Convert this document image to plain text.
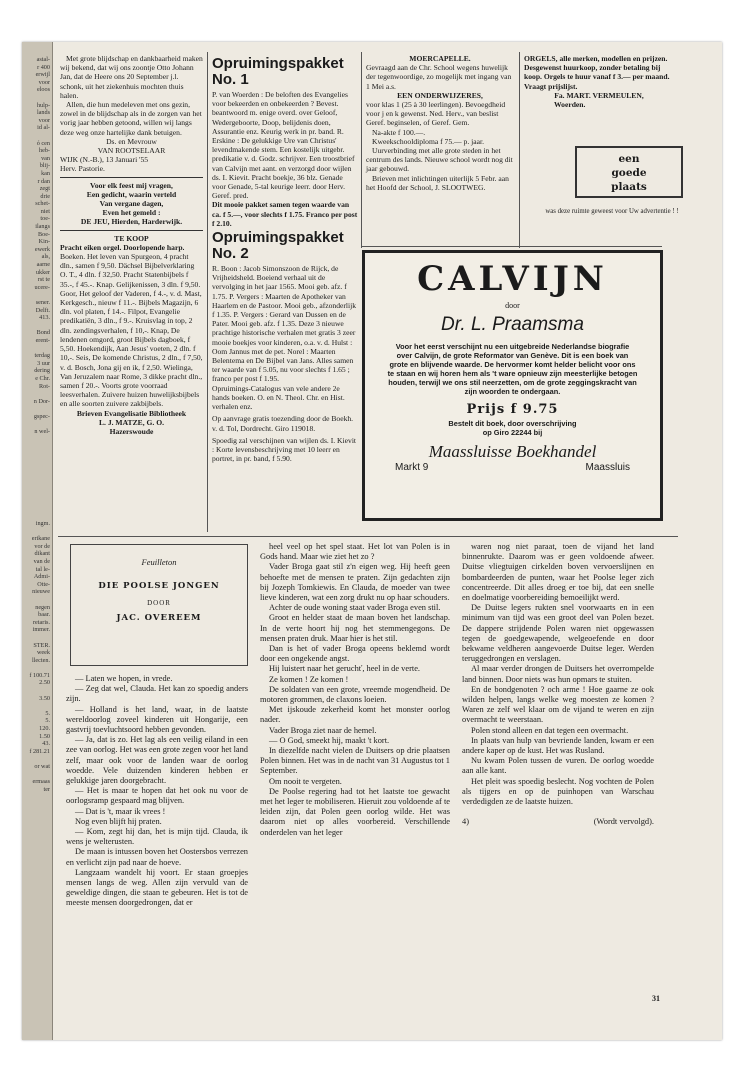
astal-
r 400
erwijl
voor
eloos

hulp-
lands
voor
id al-

ó cen
heb-
van
blij-
kan
r dan
zegt
drie
schet-
niet
toe-
ilangs
Boe-
Kin-
ewerk
als,
aarne
ukker
rst te
ucere-

sener.
Delft.
413.

Bond
erent-

terdag
3 uur
dering
e Chr.
Rot-

n Dor-

gspec-

n wel-
ingm.

erikane
vor de
dikant
van de
tal le-
Admi-
Otte-
nieuwe

negen
baar.
retaris.
immer.

STER.
week
llecten.

f 100.71
2.50

3.50

5.
5.
120.
1.50
43.
f 281.21

or wat

ermaas
ter

Met grote blijdschap en dankbaarheid maken wij bekend, dat wij ons zoontje Otto Johann Jan, dat de Heere ons 20 September j.l. schonk, uit het ziekenhuis mochten thuis halen.

Allen, die hun medeleven met ons gezin, zowel in de blijdschap als in de zorgen van het vorig jaar hebben getoond, willen wij langs deze weg onze hartelijke dank betuigen.

Ds. en Mevrouw

VAN ROOTSELAAR

WIJK (N.-B.), 13 Januari '55

Herv. Pastorie.

Voor elk feest mij vragen,

Een gedicht, waarin verteld

Van vergane dagen,

Even het gemeld :

DE JEU, Hierden, Harderwijk.

TE KOOP

Pracht eiken orgel. Doorlopende harp.

Boeken. Het leven van Spurgeon, 4 pracht dln., samen f 9,50. Dächsel Bijbelverklaring O. T., 4 dln. f 32,50. Pracht Statenbijbels f 35.-, f 45.-. Knap. Gelijkenissen, 3 dln. f 9,50. Goor, Het geloof der Vaderen, f 4.-, v. d. Mast, Kerkgesch., nieuw f 11.-. Bijbels Magazijn, 6 dln. vol platen, f 14.-. Filpot, Evangelie predikatiën, 3 dln., f 9.-. Kruisvlag in top, 2 dln. zendingsverhalen, f 10,-. Knap, De lendenen omgord, groot Bijbels dagboek, f 5,50. Hoekendijk, Aan Jesus' voeten, 2 dln. f 10,-. Seis, De komende Christus, 2 dln., f 7,50, v. d. Bosch, Jona gij en ik, f 2,50. Wielinga, Van Jeruzalem naar Rome, 3 dikke pracht dln., samen f 20.-. Voorts grote voorraad leesverhalen. Zuivere huizen huwelijksbijbels en alle soorten zuivere zakbijbels.

Brieven Evangelisatie Bibliotheek

L. J. MATZE, G. O.

Hazerswoude

Opruimingspakket No. 1

P. van Woerden : De beloften des Evangelies voor bekeerden en onbekeerden ? Bevest. beantwoord m. enige overd. over Geloof, Wedergeboorte, Doop, belijdenis doen, Assurantie enz. Keurig werk in pr. band. R. Erskine : De gelukkige Ure van Christus' levendmakende stem. Een kostelijk uitgebr. predikatie v. d. Godz. schrijver. Een troostbrief van Calvijn met aant. en verzorgd door wijlen ds. I. Kievit. Pracht boekje, 36 blz. Genade voor Genade, 5-tal keurige leerr. door Herv. Geref. pred.

Dit mooie pakket samen tegen waarde van ca. f 5.—, voor slechts f 1.75. Franco per post f 2.10.

Opruimingspakket No. 2

R. Boon : Jacob Simonszoon de Rijck, de Vrijheidsheld. Boeiend verhaal uit de vervolging in het jaar 1565. Mooi geb. afz. f 1.75. P. Vergers : Maarten de Apotheker van Haarlem en de Pastoor. Mooi geb., afzonderlijk f 1.35. P. Vergers : Gerard van Dussen en de Pater. Mooi geb. afz. f 1.35. Deze 3 nieuwe prachtige historische verhalen met gratis 3 zeer mooie boekjes voor kinderen, o.a. v. d. Hulst : Oom Jannus met de pet. Norel : Maarten Belentema en De Bijbel van Jans. Alles samen ter waarde van f 5.05, nu voor slechts f 1.65 ; franco per post f 1.95.

Opruimings-Catalogus van vele andere 2e hands boeken. O. en N. Theol. Chr. en Hist. verhalen enz.

Op aanvrage gratis toezending door de Boekh. v. d. Tol, Dordrecht. Giro 119018.

Spoedig zal verschijnen van wijlen ds. I. Kievit : Korte levensbeschrijving met 10 leerr en portret, in pr. band, f 5.90.

MOERCAPELLE.

Gevraagd aan de Chr. School wegens huwelijk der tegenwoordige, zo mogelijk met ingang van 1 Mei a.s.

EEN ONDERWIJZERES,

voor klas 1 (25 à 30 leerlingen). Bevoegdheid voor j en k gewenst. Ned. Herv., van beslist Geref. beginselen, of Geref. Gem.

Na-akte f 100.—.

Kweekschooldiploma f 75.— p. jaar.

Uurverbinding met alle grote steden in het centrum des lands. Nieuwe school wordt nog dit jaar gebouwd.

Brieven met inlichtingen uiterlijk 5 Febr. aan het Hoofd der School, J. SLOOTWEG.

ORGELS, alle merken, modellen en prijzen. Desgewenst huurkoop, zonder betaling bij koop. Orgels te huur vanaf f 3.— per maand. Vraagt prijslijst.

Fa. MART. VERMEULEN,

Woerden.

een
goede
plaats
was deze ruimte geweest voor Uw advertentie ! !
CALVIJN
door
Dr. L. Praamsma
Voor het eerst verschijnt nu een uitgebreide Nederlandse biografie over Calvijn, de grote Reformator van Genève. Dit is een boek van grote en blijvende waarde. De hervormer komt helder belicht voor ons te staan en wij horen hem als 't ware opnieuw zijn meesterlijke betogen houden, terwijl we ons stil neerzetten, om de grote zeggingskracht van zijn woorden te ondergaan.
Prijs f 9.75
Bestelt dit boek, door overschrijving
op Giro 22244 bij
Maassluisse Boekhandel
Markt 9	Maassluis
Feuilleton
DIE POOLSE JONGEN
DOOR
JAC. OVEREEM

— Laten we hopen, in vrede.

— Zeg dat wel, Clauda. Het kan zo spoedig anders zijn.

— Holland is het land, waar, in de laatste wereldoorlog zoveel kinderen uit Hongarije, een gastvrij toevluchtsoord hebben gevonden.

— Ja, dat is zo. Het lag als een veilig eiland in een zee van oorlog. Het was een grote zegen voor het land zelf, maar ook voor de landen waar de oorlog woedde. Vele duizenden kinderen hebben er gelukkige jaren doorgebracht.

— Het is maar te hopen dat het ook nu voor de oorlogsramp gespaard mag blijven.

— Dat is 't, maar ik vrees !

Nog even blijft hij praten.

— Kom, zegt hij dan, het is mijn tijd. Clauda, ik wens je welterusten.

De maan is intussen boven het Oostersbos verrezen en verlicht zijn pad naar de hoeve.

Langzaam wandelt hij voort. Er staan groepjes mensen langs de weg. Allen zijn vervuld van de geweldige dingen, die staan te gebeuren. Het is tot de meeste mensen doorgedrongen, dat er

heel veel op het spel staat. Het lot van Polen is in Gods hand. Maar wie ziet het zo ?

Vader Broga gaat stil z'n eigen weg. Hij heeft geen behoefte met de mensen te praten. Zijn gedachten zijn bij Jozeph Tomkiewis. En Clauda, de moeder van twee lieve kinderen, wat een zorg drukt nu op haar schouders.

Achter de oude woning staat vader Broga even stil.

Groot en helder staat de maan boven het landschap. In de verte hoort hij nog het stemmengegons. De mensen praten druk. Maar hier is het stil.

Dan is het of vader Broga opeens beklemd wordt door een ongekende angst.

Hij luistert naar het geruchť, heel in de verte.

Ze komen ! Ze komen !

De soldaten van een grote, vreemde mogendheid. De motoren grommen, de claxons loeien.

Met ijskoude zekerheid komt het monster oorlog nader.

Vader Broga ziet naar de hemel.

— O God, smeekt hij, maakt 't kort.

In diezelfde nacht vielen de Duitsers op drie plaatsen Polen binnen. Het was in de nacht van 31 Augustus tot 1 September.

Om nooit te vergeten.

De Poolse regering had tot het laatste toe gewacht met het leger te mobiliseren. Hieruit zou voldoende af te leiden zijn, dat Polen geen oorlog wilde. Het was daarom niet op alles voorbereid. Verschillende onderdelen van het leger

waren nog niet paraat, toen de vijand het land binnenrukte. Daarom was er geen voldoende afweer. Duitse vliegtuigen cirkelden boven vervoerslijnen en bombardeerden de punten, waar het Poolse leger zich concentreerde. Dit alles droeg er toe bij, dat een snelle en doelmatige voorbereiding bemoeilijkt werd.

De Duitse legers rukten snel voorwaarts en in een minimum van tijd was een groot deel van Polen bezet. De dappere strijdende Polen waren niet opgewassen tegen de goedgewapende, welgeoefende en door bekwame veldheren aangevoerde Duitse leger. Werden teruggedrongen en verslagen.

Al maar verder drongen de Duitsers het overrompelde land binnen. Door niets was hun opmars te stuiten.

En de bondgenoten ? och arme ! Hoe gaarne ze ook wilden helpen, langs welke weg moesten ze komen ? Waren ze zelf wel klaar om de vijand te weren en zijn overmacht te weerstaan.

Polen stond alleen en dat tegen een overmacht.

In plaats van hulp van bevriende landen, kwam er een andere kaper op de kust. Het was Rusland.

Nu kwam Polen tussen de vuren. De oorlog woedde aan alle kant.

Het pleit was spoedig beslecht. Nog vochten de Polen als tijgers en op de puinhopen van Warschau verdedigden ze de laatste huizen.

4)	(Wordt vervolgd).
31
